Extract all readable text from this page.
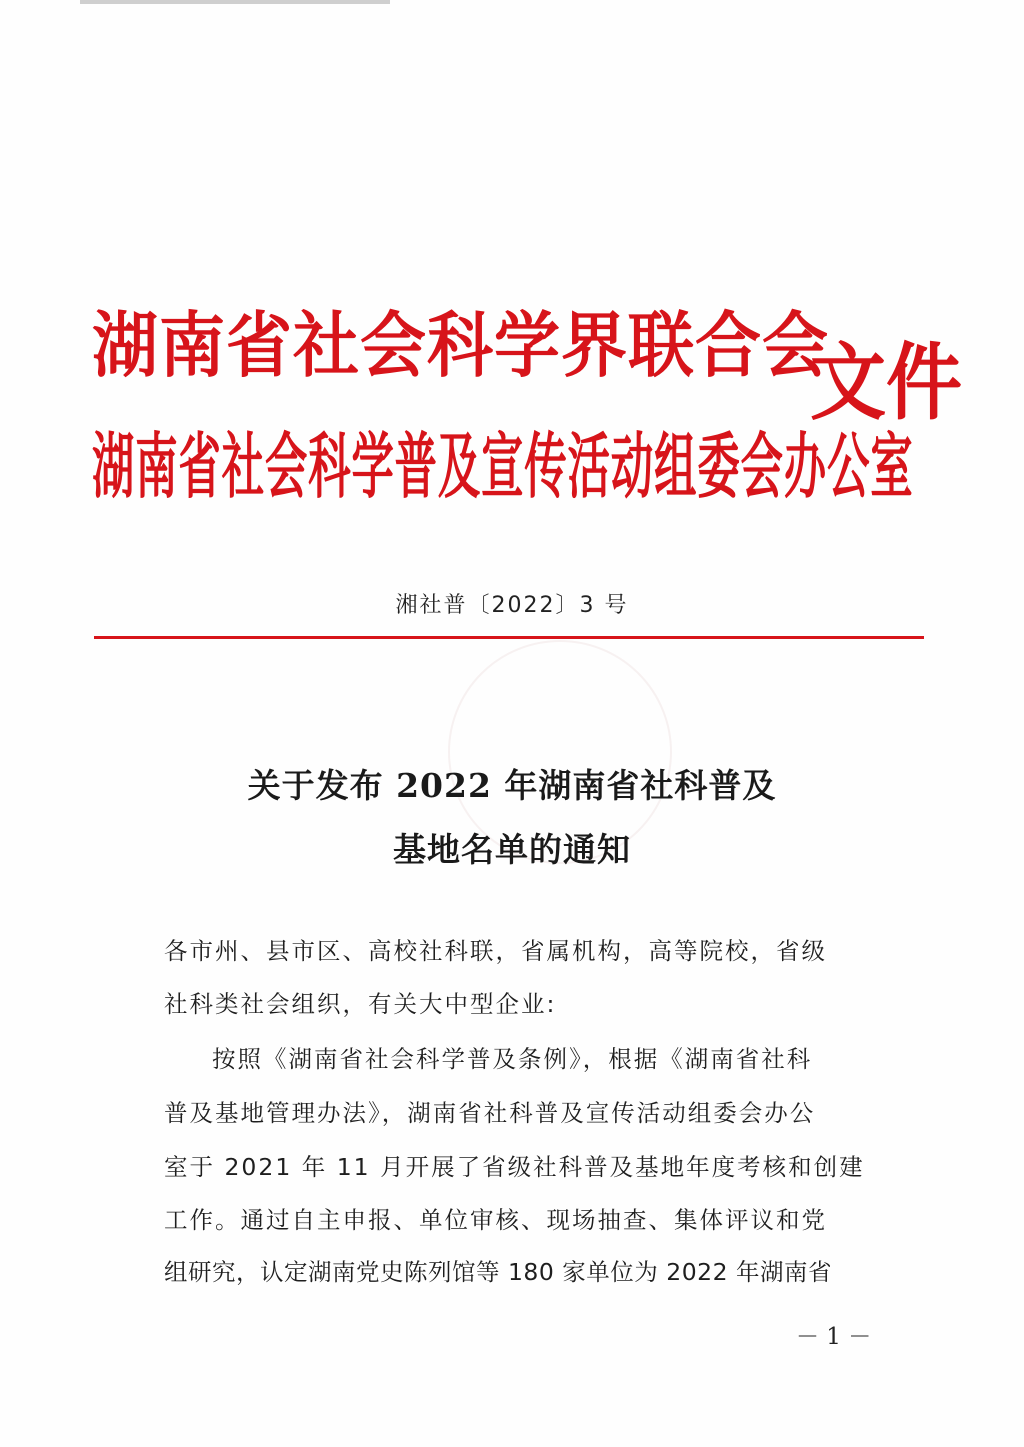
湖南省社会科学界联合会
湖南省社会科学普及宣传活动组委会办公室
文件
湘社普〔2022〕3 号
关于发布 2022 年湖南省社科普及
基地名单的通知
各市州、县市区、高校社科联，省属机构，高等院校，省级
社科类社会组织，有关大中型企业:
按照《湖南省社会科学普及条例》，根据《湖南省社科
普及基地管理办法》，湖南省社科普及宣传活动组委会办公
室于 2021 年 11 月开展了省级社科普及基地年度考核和创建
工作。通过自主申报、单位审核、现场抽查、集体评议和党
组研究，认定湖南党史陈列馆等 180 家单位为 2022 年湖南省
－ 1 －
